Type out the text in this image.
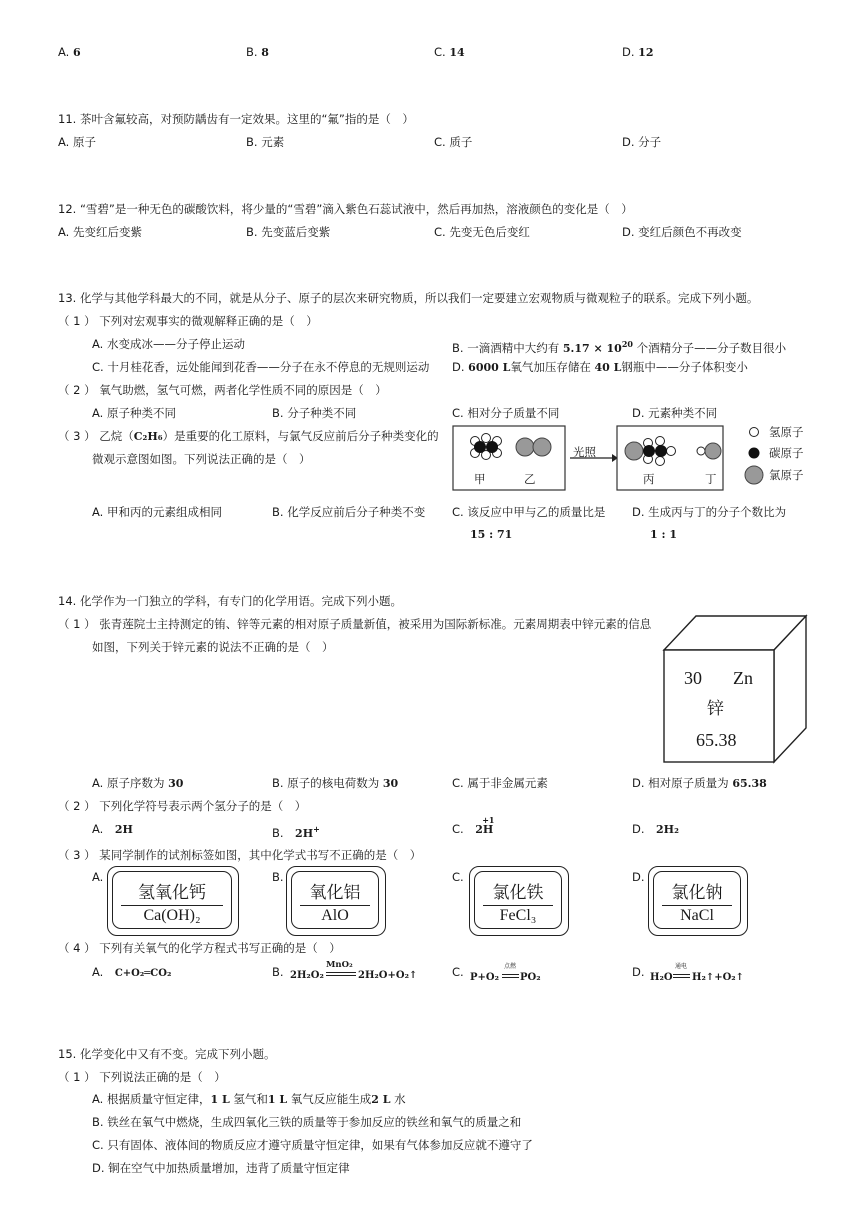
A. 6	B. 8	C. 14	D. 12
11. 茶叶含氟较高，对预防龋齿有一定效果。这里的“氟”指的是（　）
A. 原子	B. 元素	C. 质子	D. 分子
12. “雪碧”是一种无色的碳酸饮料，将少量的“雪碧”滴入紫色石蕊试液中，然后再加热，溶液颜色的变化是（　）
A. 先变红后变紫	B. 先变蓝后变紫	C. 先变无色后变红	D. 变红后颜色不再改变
13. 化学与其他学科最大的不同，就是从分子、原子的层次来研究物质，所以我们一定要建立宏观物质与微观粒子的联系。完成下列小题。
（ 1 ） 下列对宏观事实的微观解释正确的是（　）
A. 水变成冰——分子停止运动	B. 一滴酒精中大约有 $5.17 \times 10^{20}$ 个酒精分子——分子数目很小
C. 十月桂花香，远处能闻到花香——分子在永不停息的无规则运动 D. 6000 L氧气加压存储在 40 L钢瓶中——分子体积变小
（ 2 ） 氧气助燃，氢气可燃，两者化学性质不同的原因是（　）
A. 原子种类不同	B. 分子种类不同	C. 相对分子质量不同	D. 元素种类不同
（ 3 ） 乙烷（C₂H₆）是重要的化工原料，与氯气反应前后分子种类变化的
微观示意图如图。下列说法正确的是（　）
甲	乙
光照
丙	丁
氢原子
碳原子
氯原子
A. 甲和丙的元素组成相同	B. 化学反应前后分子种类不变 C. 该反应中甲与乙的质量比是
15 : 71
D. 生成丙与丁的分子个数比为
1 : 1
14. 化学作为一门独立的学科，有专门的化学用语。完成下列小题。
（ 1 ） 张青莲院士主持测定的铕、锌等元素的相对原子质量新值，被采用为国际新标准。元素周期表中锌元素的信息
如图，下列关于锌元素的说法不正确的是（　）
30 Zn
锌
65.38
A. 原子序数为 30	B. 原子的核电荷数为 30	C. 属于非金属元素	D. 相对原子质量为 65.38
（ 2 ） 下列化学符号表示两个氢分子的是（　）
A.　 2H	B.　 2H+	C.　
+1
2H	D.　 2H₂
（ 3 ） 某同学制作的试剂标签如图，其中化学式书写不正确的是（　）
A.
氢氧化钙
Ca(OH)₂
B.
氧化铝
AlO
C.
氯化铁
FeCl₃
D.
氯化钠
NaCl
（ 4 ） 下列有关氧气的化学方程式书写正确的是（　）
A.　 C+O₂═CO₂	B. 2H₂O₂
MnO₂
2H₂O+O₂↑	C. P+O₂
点燃
PO₂	D. H₂O
通电
H₂↑+O₂↑
15. 化学变化中又有不变。完成下列小题。
（ 1 ） 下列说法正确的是（　）
A. 根据质量守恒定律，1 L 氢气和1 L 氧气反应能生成2 L 水
B. 铁丝在氧气中燃烧，生成四氧化三铁的质量等于参加反应的铁丝和氧气的质量之和
C. 只有固体、液体间的物质反应才遵守质量守恒定律，如果有气体参加反应就不遵守了
D. 铜在空气中加热质量增加，违背了质量守恒定律
